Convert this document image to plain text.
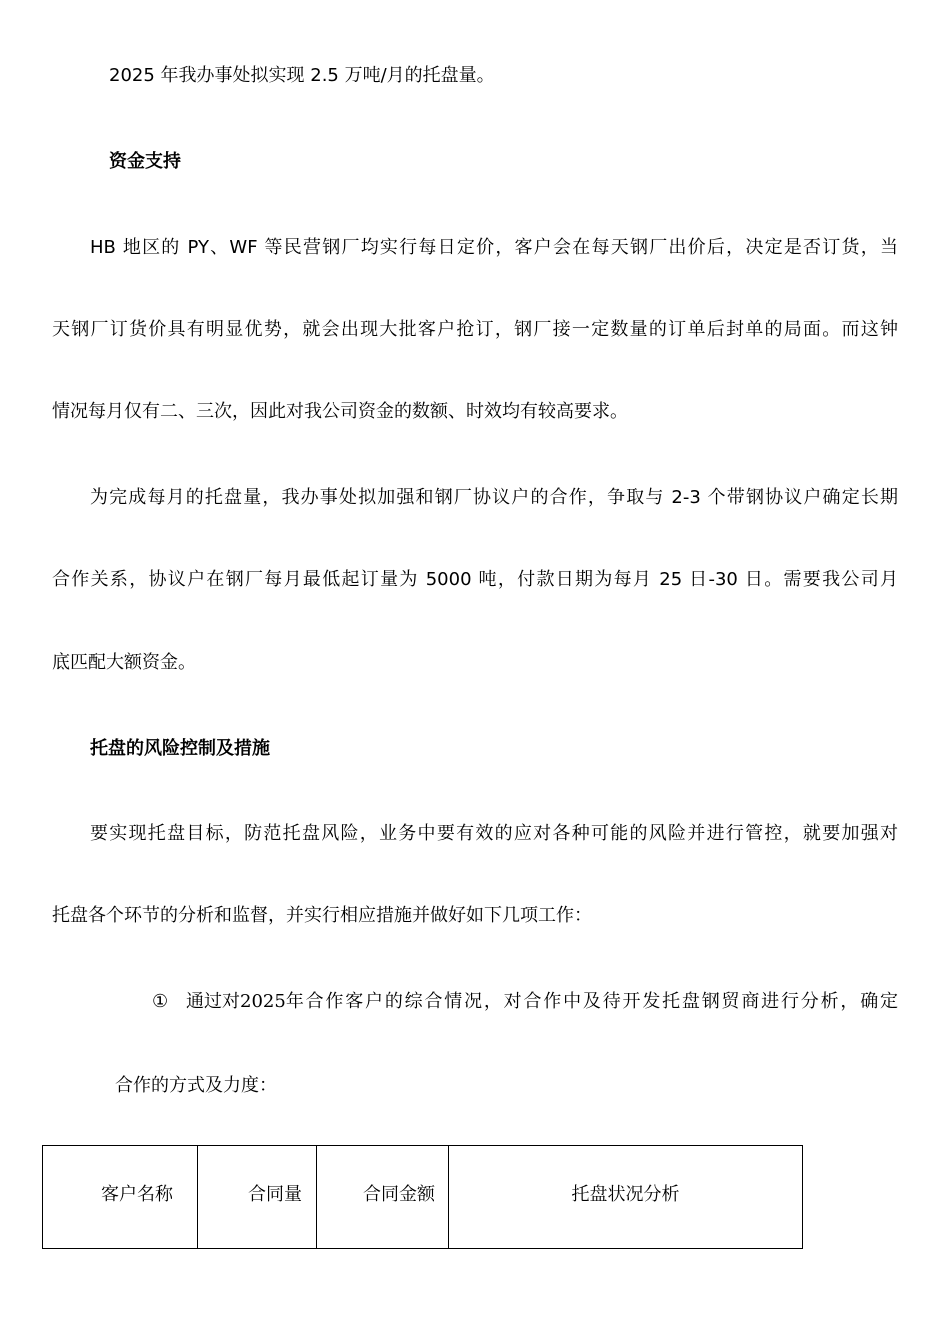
2025 年我办事处拟实现 2.5 万吨/月的托盘量。
资金支持
HB 地区的 PY、WF 等民营钢厂均实行每日定价，客户会在每天钢厂出价后，决定是否订货，当
天钢厂订货价具有明显优势，就会出现大批客户抢订，钢厂接一定数量的订单后封单的局面。而这钟
情况每月仅有二、三次，因此对我公司资金的数额、时效均有较高要求。
为完成每月的托盘量，我办事处拟加强和钢厂协议户的合作，争取与 2-3 个带钢协议户确定长期
合作关系，协议户在钢厂每月最低起订量为 5000 吨，付款日期为每月 25 日-30 日。需要我公司月
底匹配大额资金。
托盘的风险控制及措施
要实现托盘目标，防范托盘风险，业务中要有效的应对各种可能的风险并进行管控，就要加强对
托盘各个环节的分析和监督，并实行相应措施并做好如下几项工作：
① 通过对 2025 年合作客户的综合情况，对合作中及待开发托盘钢贸商进行分析，确定
合作的方式及力度：
客户名称	合同量	合同金额	托盘状况分析
